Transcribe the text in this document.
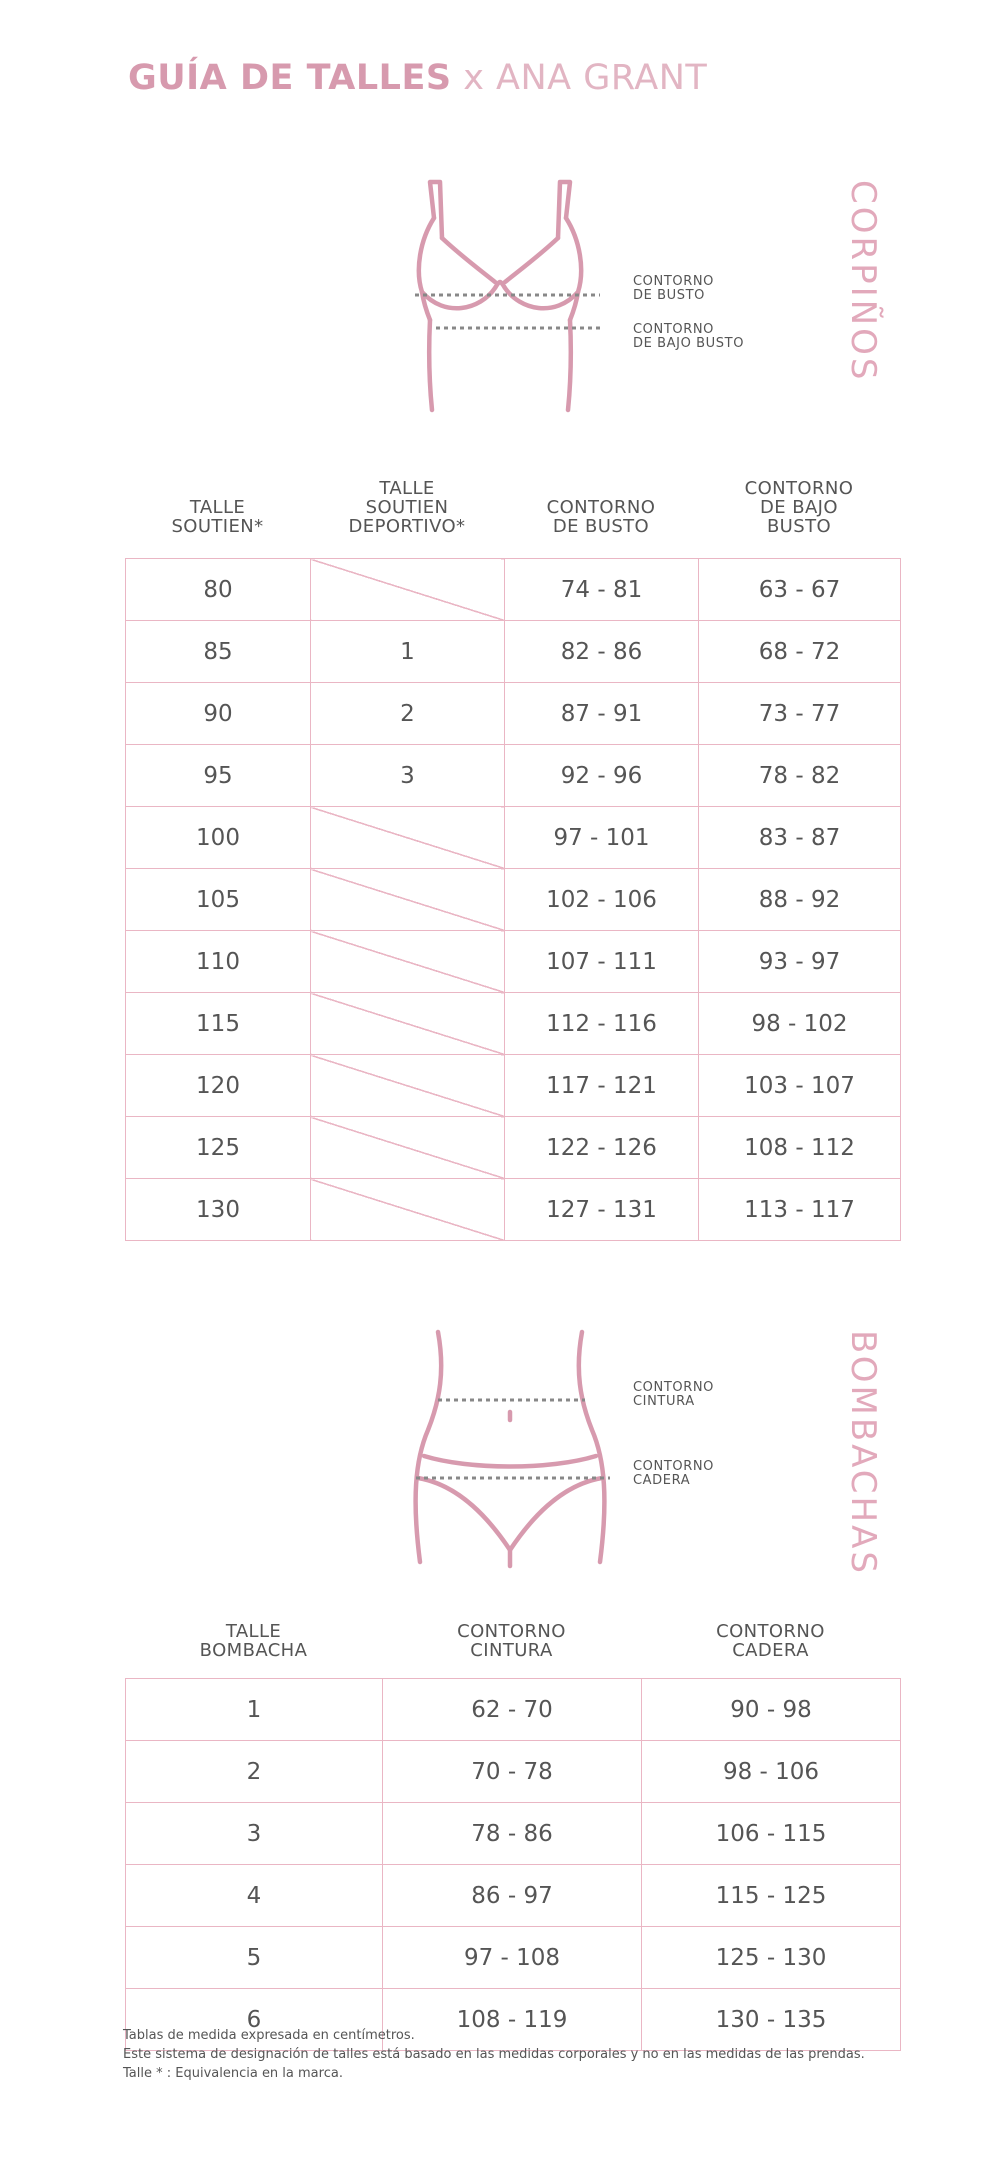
GUÍA DE TALLES x ANA GRANT
CORPIÑOS
CONTORNO
DE BUSTO
CONTORNO
DE BAJO BUSTO
TALLE
SOUTIEN*
TALLE
SOUTIEN
DEPORTIVO*
CONTORNO
DE BUSTO
CONTORNO
DE BAJO
BUSTO
80		74 - 81	63 - 67
85	1	82 - 86	68 - 72
90	2	87 - 91	73 - 77
95	3	92 - 96	78 - 82
100		97 - 101	83 - 87
105		102 - 106	88 - 92
110		107 - 111	93 - 97
115		112 - 116	98 - 102
120		117 - 121	103 - 107
125		122 - 126	108 - 112
130		127 - 131	113 - 117
BOMBACHAS
CONTORNO
CINTURA
CONTORNO
CADERA
TALLE
BOMBACHA
CONTORNO
CINTURA
CONTORNO
CADERA
1	62 - 70	90 - 98
2	70 - 78	98 - 106
3	78 - 86	106 - 115
4	86 - 97	115 - 125
5	97 - 108	125 - 130
6	108 - 119	130 - 135
Tablas de medida expresada en centímetros.
Este sistema de designación de talles está basado en las medidas corporales y no en las medidas de las prendas.
Talle * : Equivalencia en la marca.
